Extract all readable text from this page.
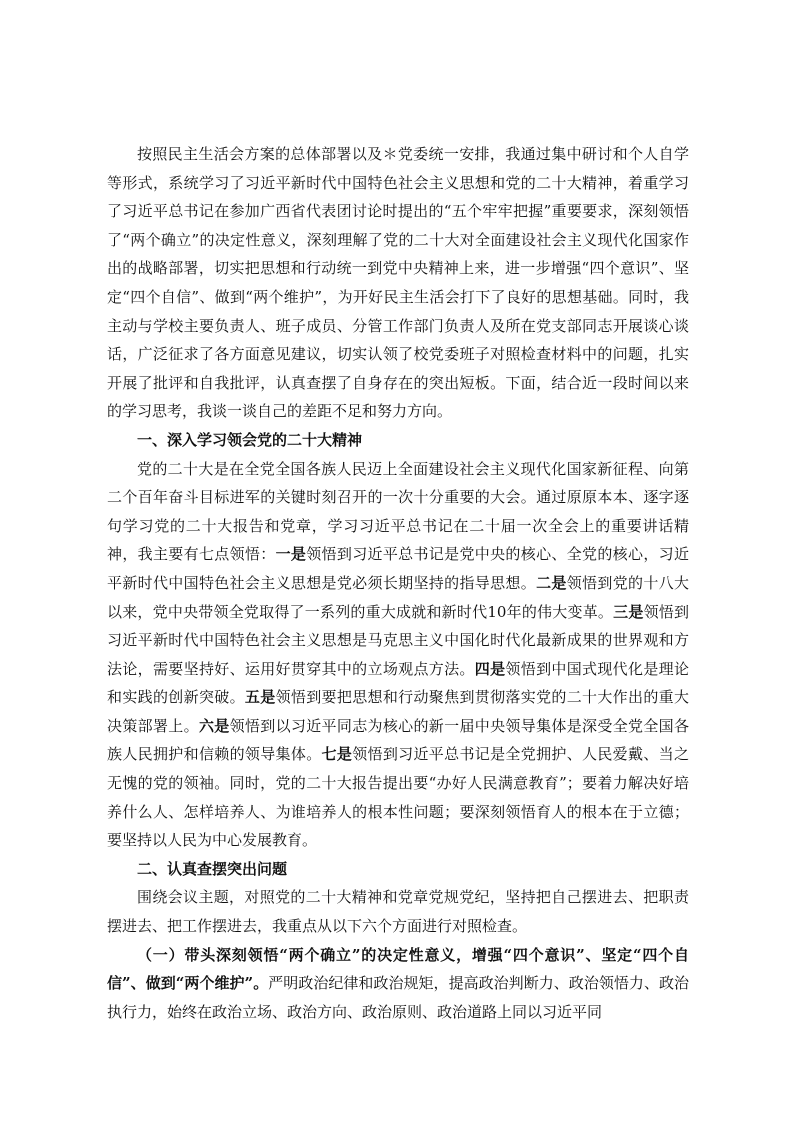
按照民主生活会方案的总体部署以及＊党委统一安排，我通过集中研讨和个人自学等形式，系统学习了习近平新时代中国特色社会主义思想和党的二十大精神，着重学习了习近平总书记在参加广西省代表团讨论时提出的“五个牢牢把握”重要要求，深刻领悟了“两个确立”的决定性意义，深刻理解了党的二十大对全面建设社会主义现代化国家作出的战略部署，切实把思想和行动统一到党中央精神上来，进一步增强“四个意识”、坚定“四个自信”、做到“两个维护”，为开好民主生活会打下了良好的思想基础。同时，我主动与学校主要负责人、班子成员、分管工作部门负责人及所在党支部同志开展谈心谈话，广泛征求了各方面意见建议，切实认领了校党委班子对照检查材料中的问题，扎实开展了批评和自我批评，认真查摆了自身存在的突出短板。下面，结合近一段时间以来的学习思考，我谈一谈自己的差距不足和努力方向。

一、深入学习领会党的二十大精神

党的二十大是在全党全国各族人民迈上全面建设社会主义现代化国家新征程、向第二个百年奋斗目标进军的关键时刻召开的一次十分重要的大会。通过原原本本、逐字逐句学习党的二十大报告和党章，学习习近平总书记在二十届一次全会上的重要讲话精神，我主要有七点领悟：一是领悟到习近平总书记是党中央的核心、全党的核心，习近平新时代中国特色社会主义思想是党必须长期坚持的指导思想。二是领悟到党的十八大以来，党中央带领全党取得了一系列的重大成就和新时代10年的伟大变革。三是领悟到习近平新时代中国特色社会主义思想是马克思主义中国化时代化最新成果的世界观和方法论，需要坚持好、运用好贯穿其中的立场观点方法。四是领悟到中国式现代化是理论和实践的创新突破。五是领悟到要把思想和行动聚焦到贯彻落实党的二十大作出的重大决策部署上。六是领悟到以习近平同志为核心的新一届中央领导集体是深受全党全国各族人民拥护和信赖的领导集体。七是领悟到习近平总书记是全党拥护、人民爱戴、当之无愧的党的领袖。同时，党的二十大报告提出要“办好人民满意教育”；要着力解决好培养什么人、怎样培养人、为谁培养人的根本性问题；要深刻领悟育人的根本在于立德；要坚持以人民为中心发展教育。

二、认真查摆突出问题

围绕会议主题，对照党的二十大精神和党章党规党纪，坚持把自己摆进去、把职责摆进去、把工作摆进去，我重点从以下六个方面进行对照检查。

（一）带头深刻领悟“两个确立”的决定性意义，增强“四个意识”、坚定“四个自信”、做到“两个维护”。严明政治纪律和政治规矩，提高政治判断力、政治领悟力、政治执行力，始终在政治立场、政治方向、政治原则、政治道路上同以习近平同
